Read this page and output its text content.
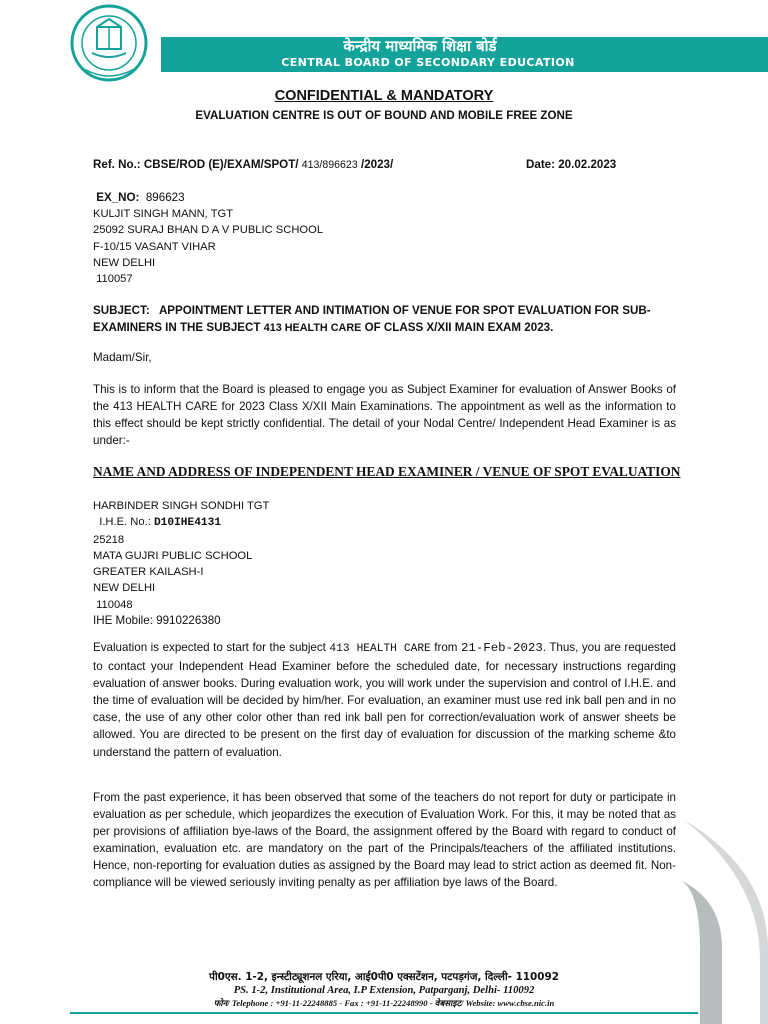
केन्द्रीय माध्यमिक शिक्षा बोर्ड
CENTRAL BOARD OF SECONDARY EDUCATION
CONFIDENTIAL & MANDATORY
EVALUATION CENTRE IS OUT OF BOUND AND MOBILE FREE ZONE
Ref. No.: CBSE/ROD (E)/EXAM/SPOT/ 413/896623 /2023/	Date: 20.02.2023
EX_NO: 896623
KULJIT SINGH MANN, TGT
25092 SURAJ BHAN D A V PUBLIC SCHOOL
F-10/15 VASANT VIHAR
NEW DELHI
110057
SUBJECT: APPOINTMENT LETTER AND INTIMATION OF VENUE FOR SPOT EVALUATION FOR SUB-EXAMINERS IN THE SUBJECT 413 HEALTH CARE OF CLASS X/XII MAIN EXAM 2023.
Madam/Sir,
This is to inform that the Board is pleased to engage you as Subject Examiner for evaluation of Answer Books of the 413 HEALTH CARE for 2023 Class X/XII Main Examinations. The appointment as well as the information to this effect should be kept strictly confidential. The detail of your Nodal Centre/ Independent Head Examiner is as under:-
NAME AND ADDRESS OF INDEPENDENT HEAD EXAMINER / VENUE OF SPOT EVALUATION
HARBINDER SINGH SONDHI TGT
I.H.E. No.: D10IHE4131
25218
MATA GUJRI PUBLIC SCHOOL
GREATER KAILASH-I
NEW DELHI
110048
IHE Mobile: 9910226380
Evaluation is expected to start for the subject 413 HEALTH CARE from 21-Feb-2023. Thus, you are requested to contact your Independent Head Examiner before the scheduled date, for necessary instructions regarding evaluation of answer books. During evaluation work, you will work under the supervision and control of I.H.E. and the time of evaluation will be decided by him/her. For evaluation, an examiner must use red ink ball pen and in no case, the use of any other color other than red ink ball pen for correction/evaluation work of answer sheets be allowed. You are directed to be present on the first day of evaluation for discussion of the marking scheme &to understand the pattern of evaluation.
From the past experience, it has been observed that some of the teachers do not report for duty or participate in evaluation as per schedule, which jeopardizes the execution of Evaluation Work. For this, it may be noted that as per provisions of affiliation bye-laws of the Board, the assignment offered by the Board with regard to conduct of examination, evaluation etc. are mandatory on the part of the Principals/teachers of the affiliated institutions. Hence, non-reporting for evaluation duties as assigned by the Board may lead to strict action as deemed fit. Non-compliance will be viewed seriously inviting penalty as per affiliation bye laws of the Board.
पी0एस. 1-2, इन्स्टीट्यूशनल एरिया, आई0पी0 एक्सटेंशन, पटपड़गंज, दिल्ली- 110092
PS. 1-2, Institutional Area, I.P Extension, Patparganj, Delhi- 110092
फोन/ Telephone : +91-11-22248885 - Fax : +91-11-22248990 - वेबसाइट/ Website: www.cbse.nic.in
